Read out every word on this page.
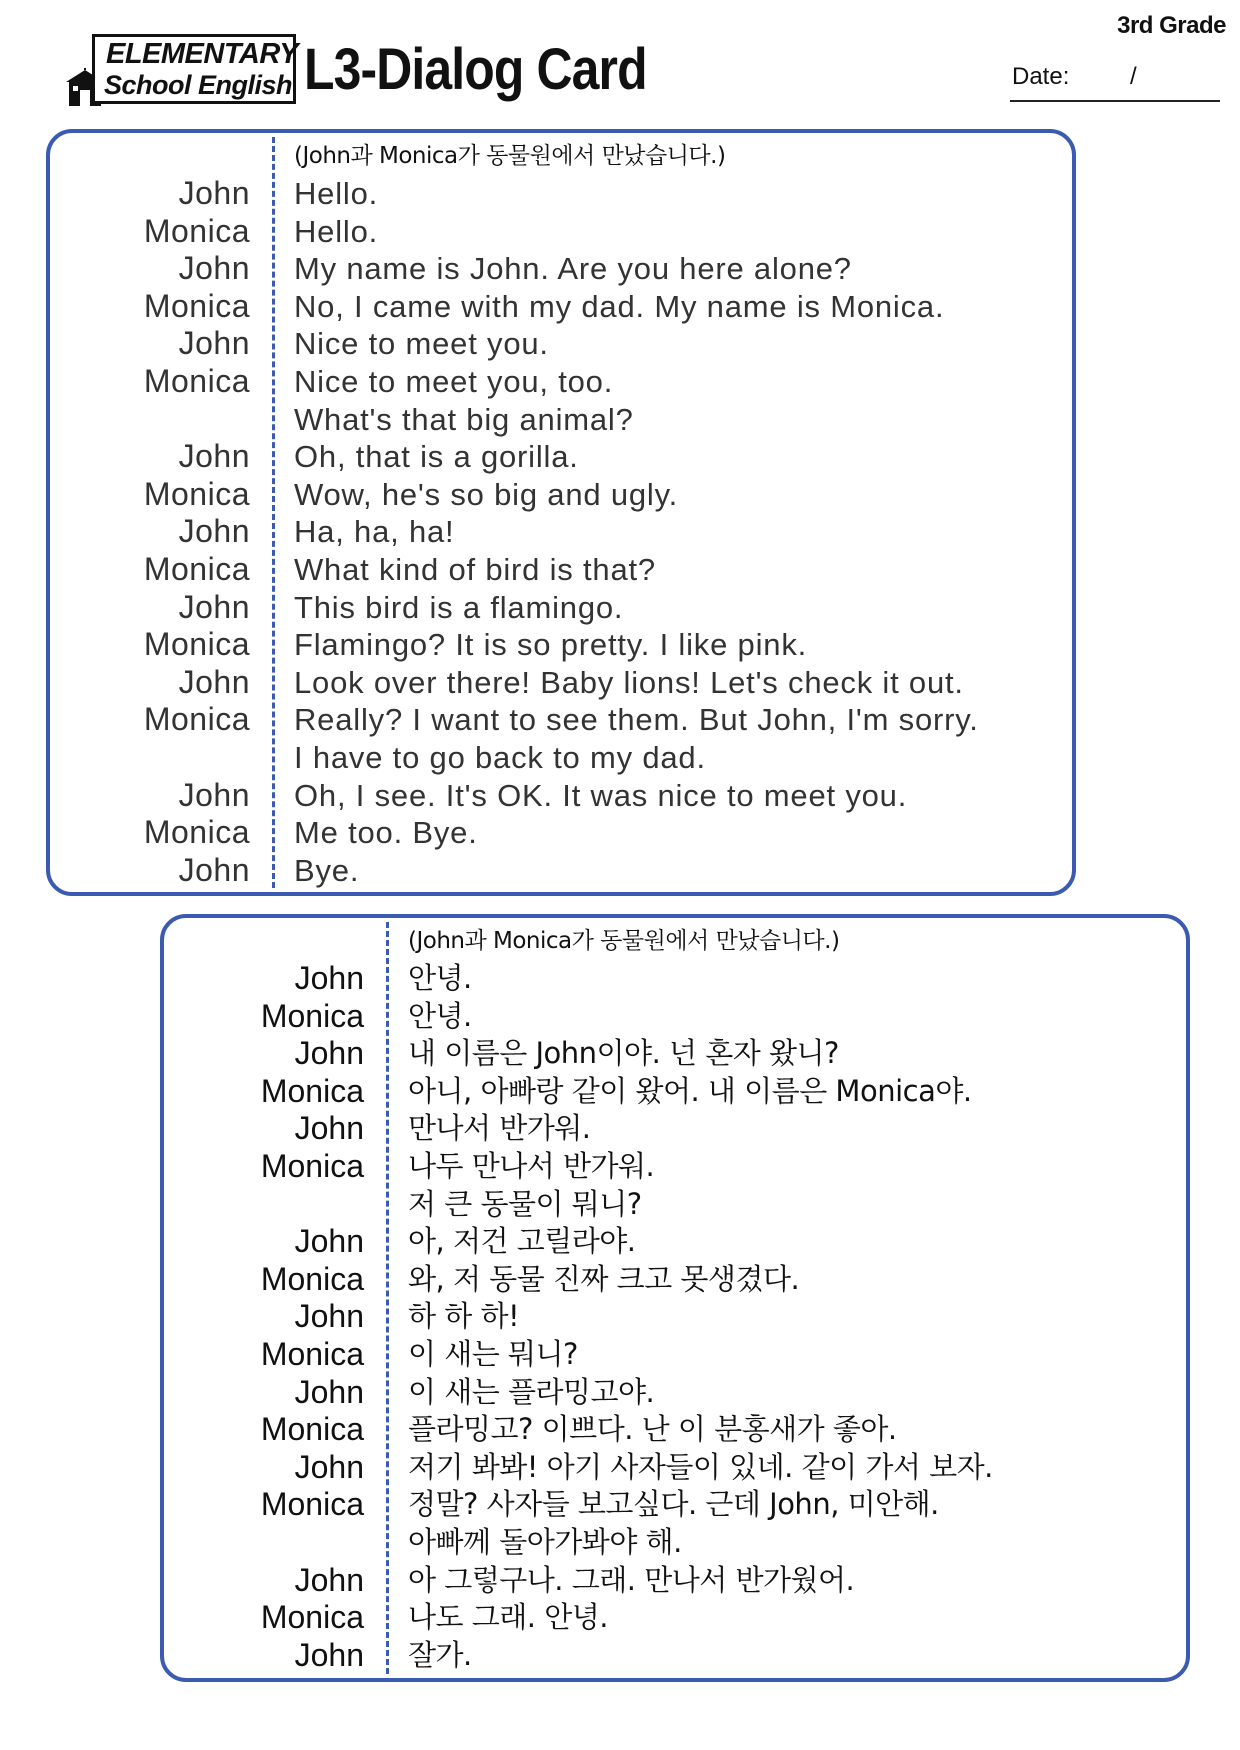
ELEMENTARY
School English L3-Dialog Card
3rd Grade
Date:	/
(John과 Monica가 동물원에서 만났습니다.)
John Hello.
Monica Hello.
John My name is John. Are you here alone?
Monica No, I came with my dad. My name is Monica.
John Nice to meet you.
Monica Nice to meet you, too.
What's that big animal?
John Oh, that is a gorilla.
Monica Wow, he's so big and ugly.
John Ha, ha, ha!
Monica What kind of bird is that?
John This bird is a flamingo.
Monica Flamingo? It is so pretty. I like pink.
John Look over there! Baby lions! Let's check it out.
Monica Really? I want to see them. But John, I'm sorry.
I have to go back to my dad.
John Oh, I see. It's OK. It was nice to meet you.
Monica Me too. Bye.
John Bye.
(John과 Monica가 동물원에서 만났습니다.)
John 안녕.
Monica 안녕.
John 내 이름은 John이야. 넌 혼자 왔니?
Monica 아니, 아빠랑 같이 왔어. 내 이름은 Monica야.
John 만나서 반가워.
Monica 나두 만나서 반가워.
저 큰 동물이 뭐니?
John 아, 저건 고릴라야.
Monica 와, 저 동물 진짜 크고 못생겼다.
John 하 하 하!
Monica 이 새는 뭐니?
John 이 새는 플라밍고야.
Monica 플라밍고? 이쁘다. 난 이 분홍새가 좋아.
John 저기 봐봐! 아기 사자들이 있네. 같이 가서 보자.
Monica 정말? 사자들 보고싶다. 근데 John, 미안해.
아빠께 돌아가봐야 해.
John 아 그렇구나. 그래. 만나서 반가웠어.
Monica 나도 그래. 안녕.
John 잘가.
